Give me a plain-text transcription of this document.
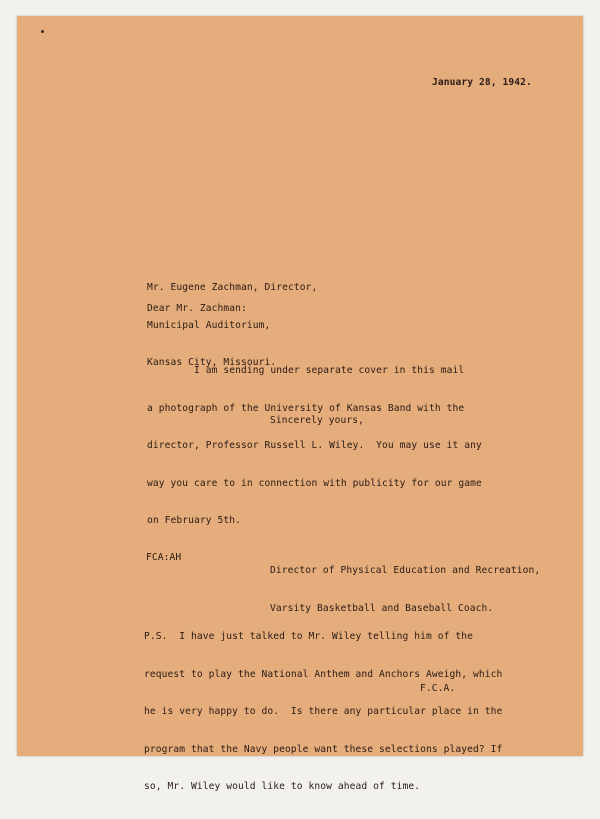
January 28, 1942.

Mr. Eugene Zachman, Director,

Municipal Auditorium,

Kansas City, Missouri.

Dear Mr. Zachman:

I am sending under separate cover in this mail

a photograph of the University of Kansas Band with the

director, Professor Russell L. Wiley.  You may use it any

way you care to in connection with publicity for our game

on February 5th.

Sincerely yours,

Director of Physical Education and Recreation,

Varsity Basketball and Baseball Coach.

FCA:AH

P.S.  I have just talked to Mr. Wiley telling him of the

request to play the National Anthem and Anchors Aweigh, which

he is very happy to do.  Is there any particular place in the

program that the Navy people want these selections played? If

so, Mr. Wiley would like to know ahead of time.

F.C.A.
